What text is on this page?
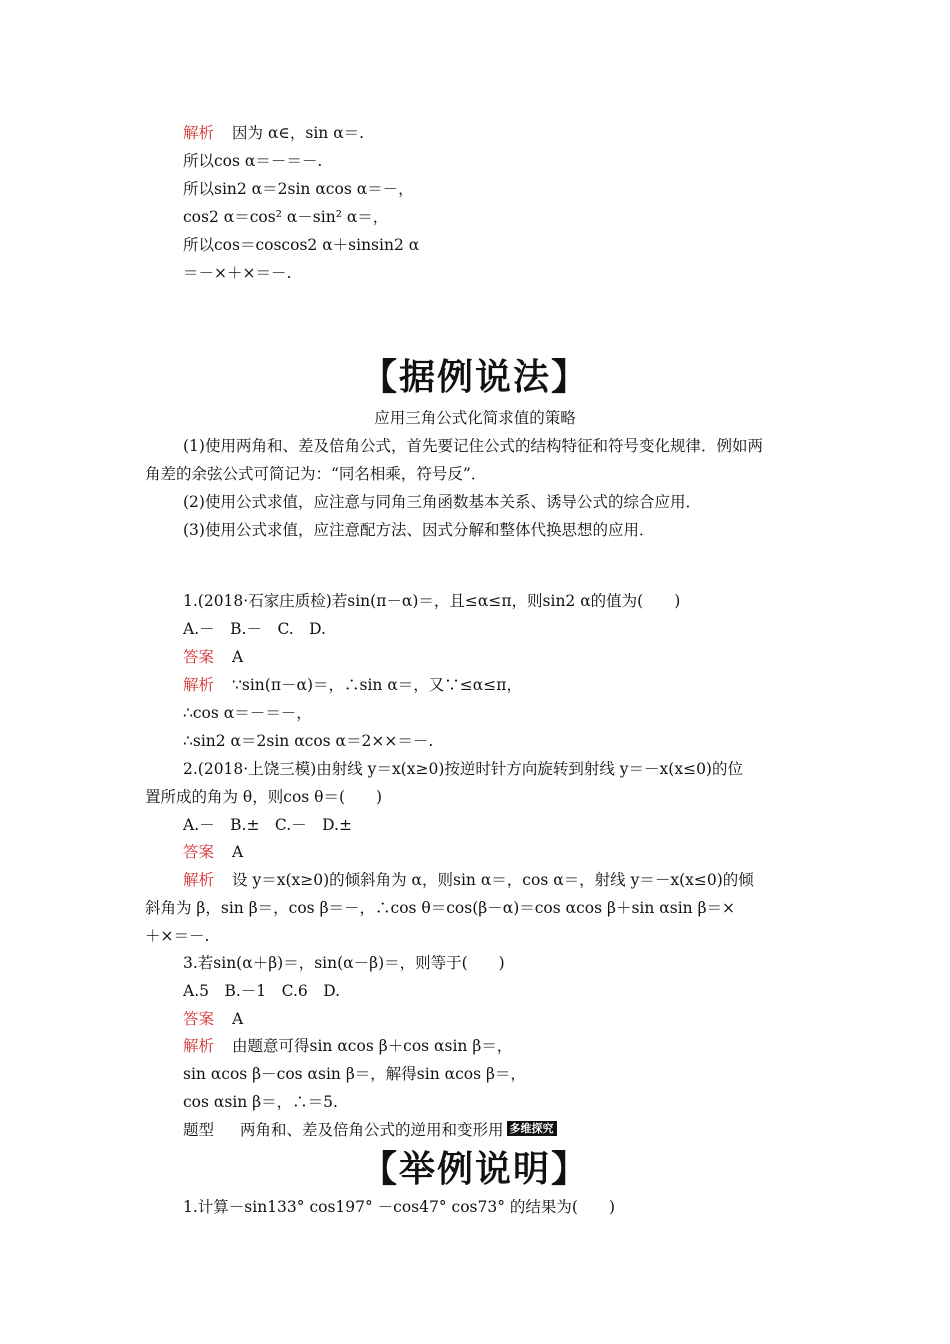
解析 因为 α∈，sin α＝.
所以cos α＝－＝－.
所以sin2 α＝2sin αcos α＝－，
cos2 α＝cos² α－sin² α＝，
所以cos＝coscos2 α＋sinsin2 α
＝－×＋×＝－.
【据例说法】
应用三角公式化简求值的策略
(1)使用两角和、差及倍角公式，首先要记住公式的结构特征和符号变化规律．例如两
角差的余弦公式可简记为：“同名相乘，符号反”．
(2)使用公式求值，应注意与同角三角函数基本关系、诱导公式的综合应用．
(3)使用公式求值，应注意配方法、因式分解和整体代换思想的应用．
1.(2018·石家庄质检)若sin(π－α)＝，且≤α≤π，则sin2 α的值为(　　)
A.－　B.－　C.　D.
答案 A
解析 ∵sin(π－α)＝，∴sin α＝，又∵≤α≤π，
∴cos α＝－＝－，
∴sin2 α＝2sin αcos α＝2××＝－.
2.(2018·上饶三模)由射线 y＝x(x≥0)按逆时针方向旋转到射线 y＝－x(x≤0)的位
置所成的角为 θ，则cos θ＝(　　)
A.－　B.±　C.－　D.±
答案 A
解析 设 y＝x(x≥0)的倾斜角为 α，则sin α＝，cos α＝，射线 y＝－x(x≤0)的倾
斜角为 β，sin β＝，cos β＝－，∴cos θ＝cos(β－α)＝cos αcos β＋sin αsin β＝×
＋×＝－.
3.若sin(α＋β)＝，sin(α－β)＝，则等于(　　)
A.5　B.－1　C.6　D.
答案 A
解析 由题意可得sin αcos β＋cos αsin β＝，
sin αcos β－cos αsin β＝，解得sin αcos β＝，
cos αsin β＝，∴＝5.
题型 两角和、差及倍角公式的逆用和变形用 多维探究
【举例说明】
1.计算－sin133° cos197° －cos47° cos73° 的结果为(　　)
